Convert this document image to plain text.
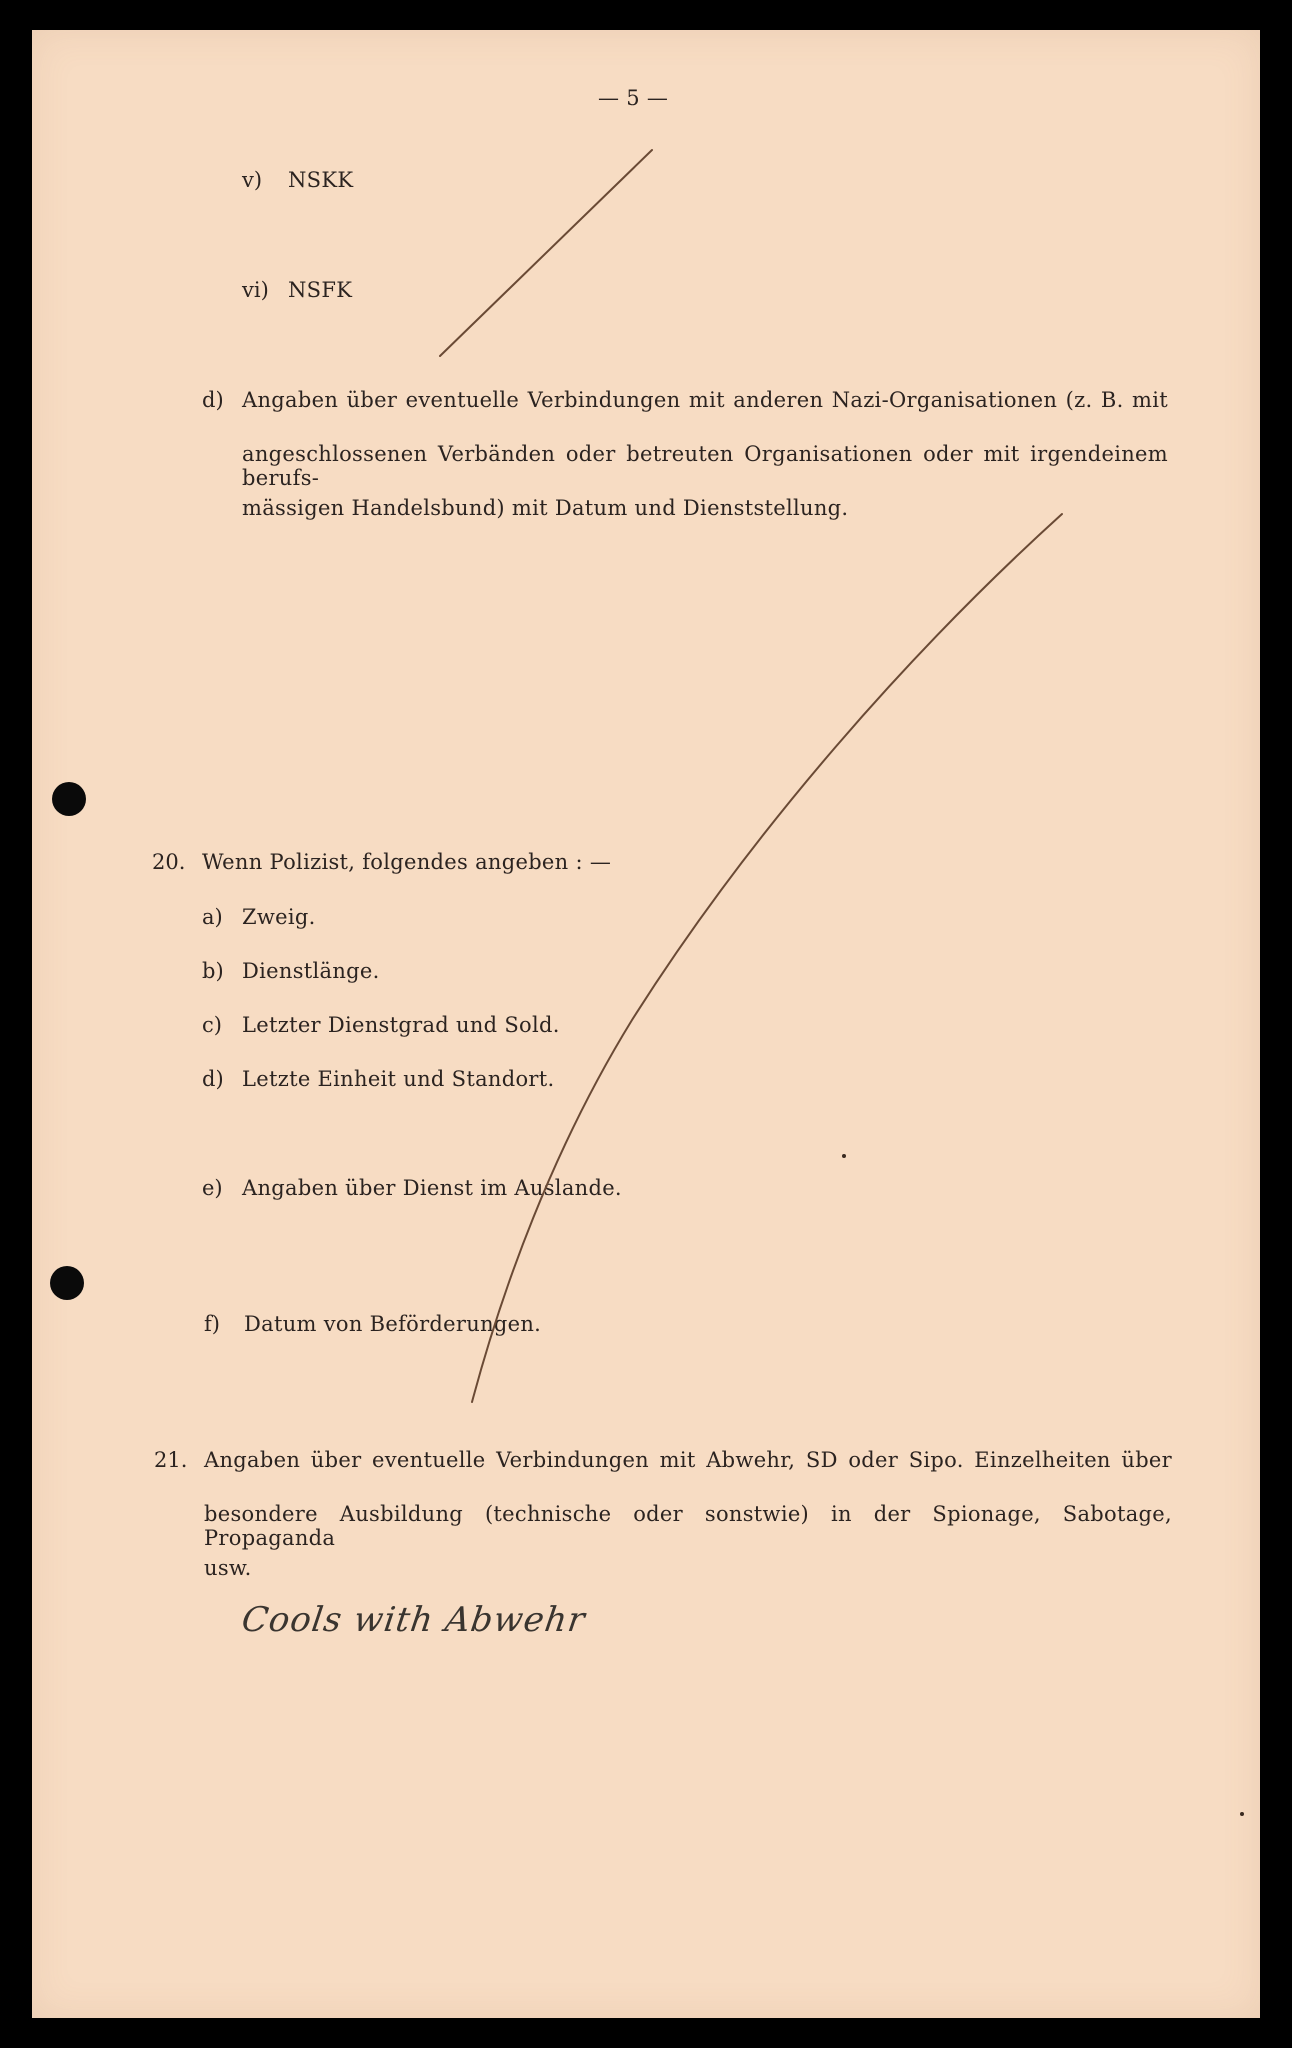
— 5 —
v) NSKK
vi) NSFK
d) Angaben über eventuelle Verbindungen mit anderen Nazi-Organisationen (z. B. mit
angeschlossenen Verbänden oder betreuten Organisationen oder mit irgendeinem berufs-
mässigen Handelsbund) mit Datum und Dienststellung.
20. Wenn Polizist, folgendes angeben : —
a) Zweig.
b) Dienstlänge.
c) Letzter Dienstgrad und Sold.
d) Letzte Einheit und Standort.
e) Angaben über Dienst im Auslande.
f) Datum von Beförderungen.
21. Angaben über eventuelle Verbindungen mit Abwehr, SD oder Sipo. Einzelheiten über
besondere Ausbildung (technische oder sonstwie) in der Spionage, Sabotage, Propaganda
usw.
Cools with Abwehr
